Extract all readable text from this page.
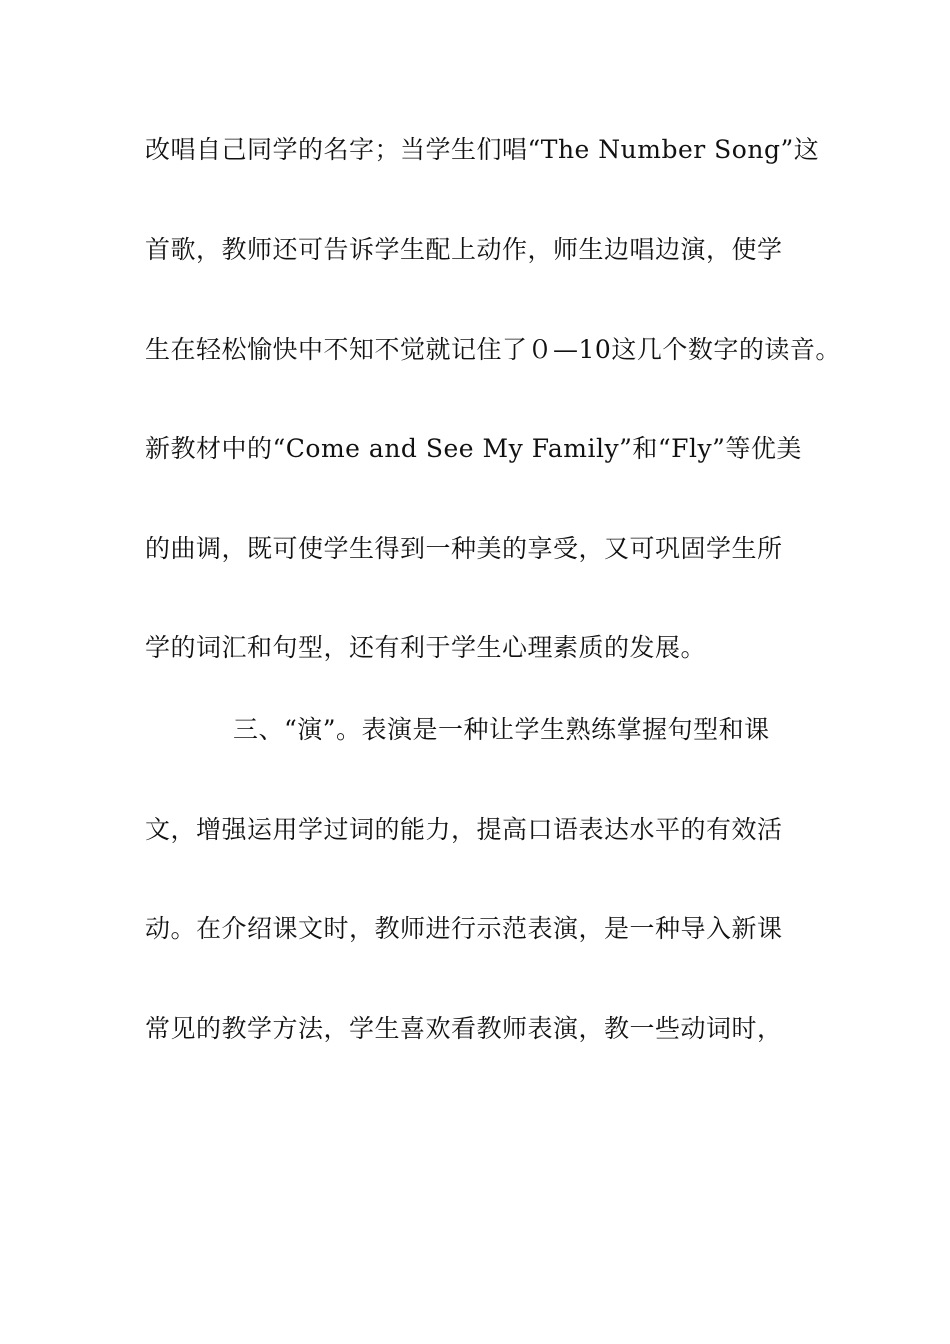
改唱自己同学的名字；当学生们唱“The Number Song”这
首歌，教师还可告诉学生配上动作，师生边唱边演，使学
生在轻松愉快中不知不觉就记住了０—10这几个数字的读音。
新教材中的“Come and See My Family”和“Fly”等优美
的曲调，既可使学生得到一种美的享受，又可巩固学生所
学的词汇和句型，还有利于学生心理素质的发展。
三、“演”。表演是一种让学生熟练掌握句型和课
文，增强运用学过词的能力，提高口语表达水平的有效活
动。在介绍课文时，教师进行示范表演，是一种导入新课
常见的教学方法，学生喜欢看教师表演，教一些动词时，
